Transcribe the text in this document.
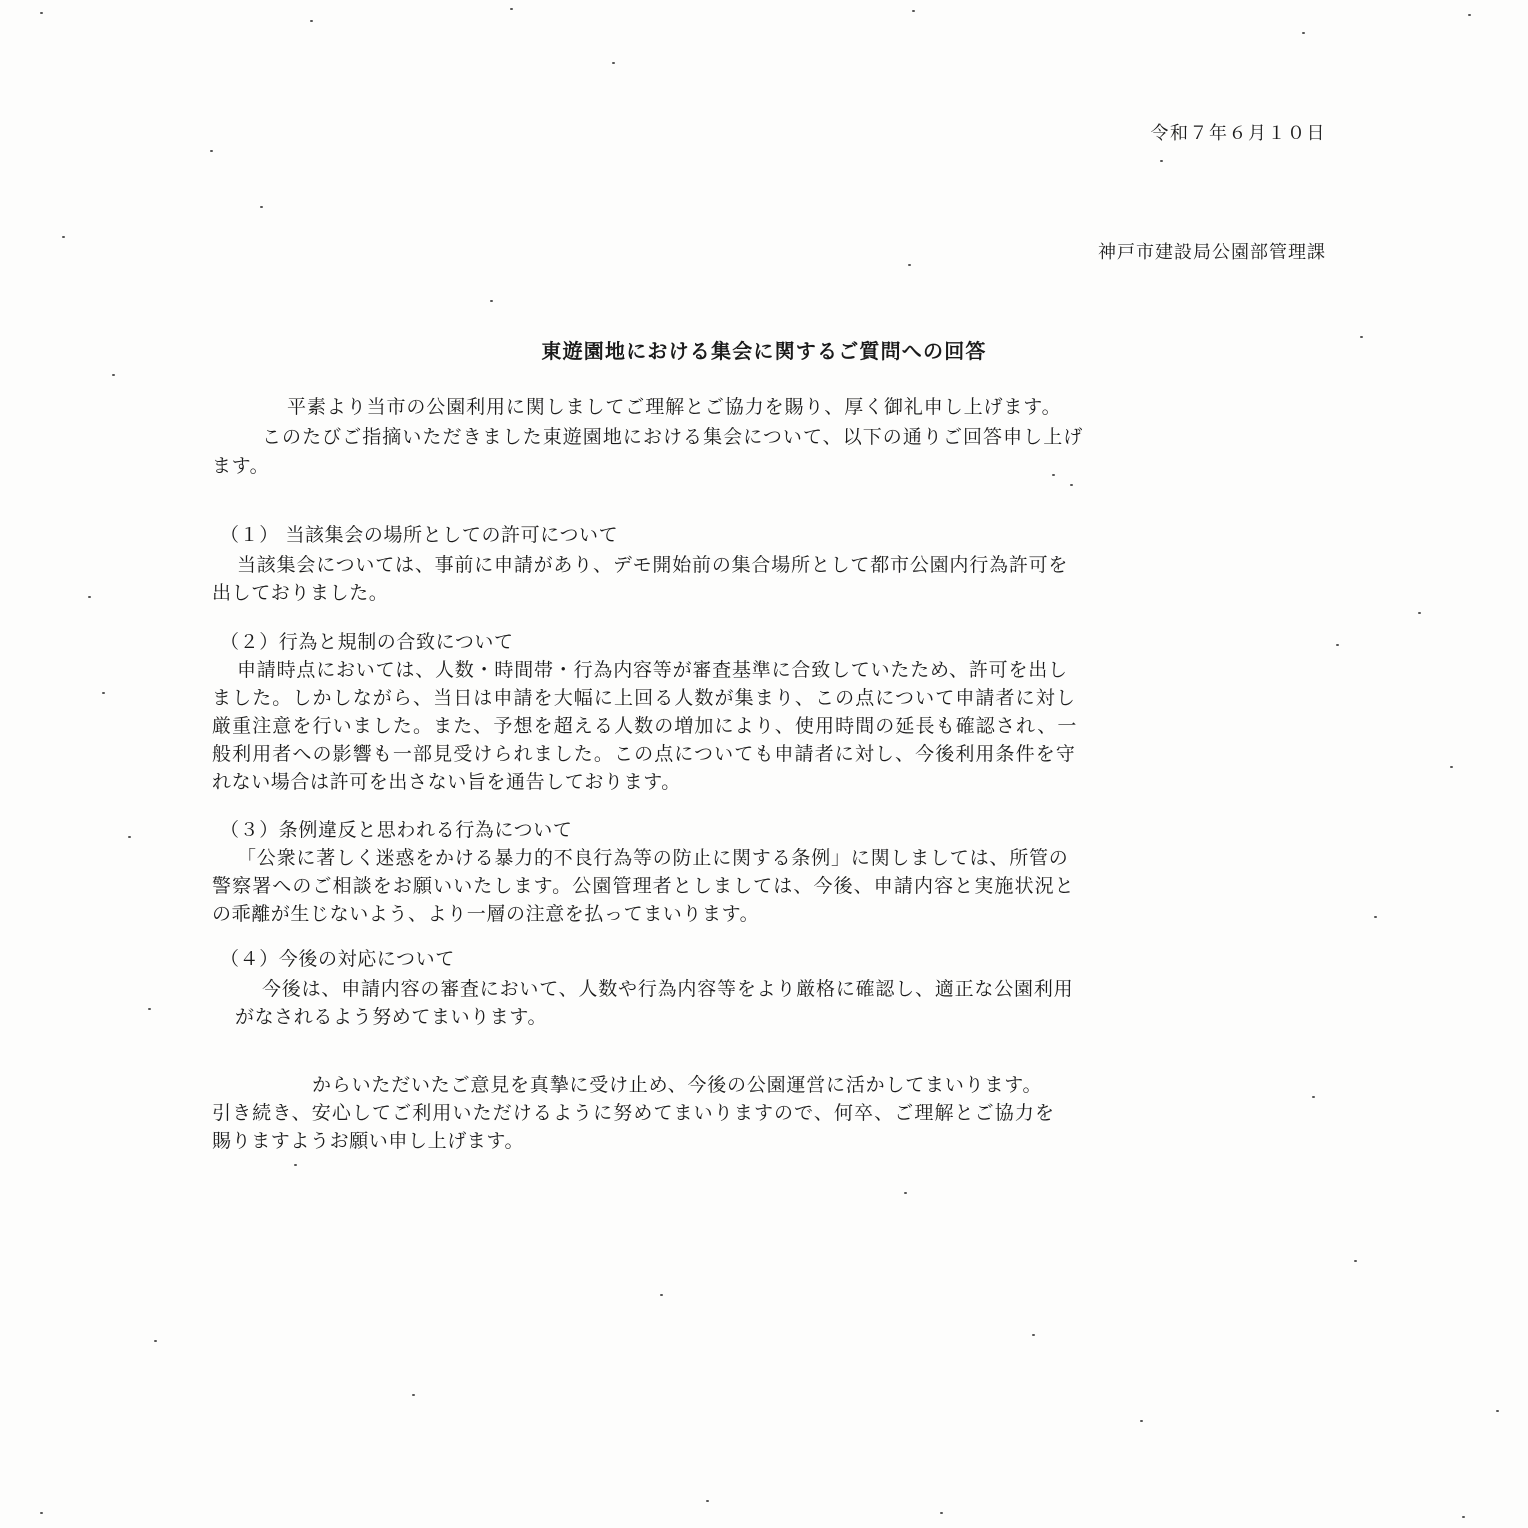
令和７年６月１０日
神戸市建設局公園部管理課
東遊園地における集会に関するご質問への回答
平素より当市の公園利用に関しましてご理解とご協力を賜り、厚く御礼申し上げます。
このたびご指摘いただきました東遊園地における集会について、以下の通りご回答申し上げ
ます。
（１） 当該集会の場所としての許可について
当該集会については、事前に申請があり、デモ開始前の集合場所として都市公園内行為許可を
出しておりました。
（２）行為と規制の合致について
申請時点においては、人数・時間帯・行為内容等が審査基準に合致していたため、許可を出し
ました。しかしながら、当日は申請を大幅に上回る人数が集まり、この点について申請者に対し
厳重注意を行いました。また、予想を超える人数の増加により、使用時間の延長も確認され、一
般利用者への影響も一部見受けられました。この点についても申請者に対し、今後利用条件を守
れない場合は許可を出さない旨を通告しております。
（３）条例違反と思われる行為について
「公衆に著しく迷惑をかける暴力的不良行為等の防止に関する条例」に関しましては、所管の
警察署へのご相談をお願いいたします。公園管理者としましては、今後、申請内容と実施状況と
の乖離が生じないよう、より一層の注意を払ってまいります。
（４）今後の対応について
今後は、申請内容の審査において、人数や行為内容等をより厳格に確認し、適正な公園利用
がなされるよう努めてまいります。
からいただいたご意見を真摯に受け止め、今後の公園運営に活かしてまいります。
引き続き、安心してご利用いただけるように努めてまいりますので、何卒、ご理解とご協力を
賜りますようお願い申し上げます。
